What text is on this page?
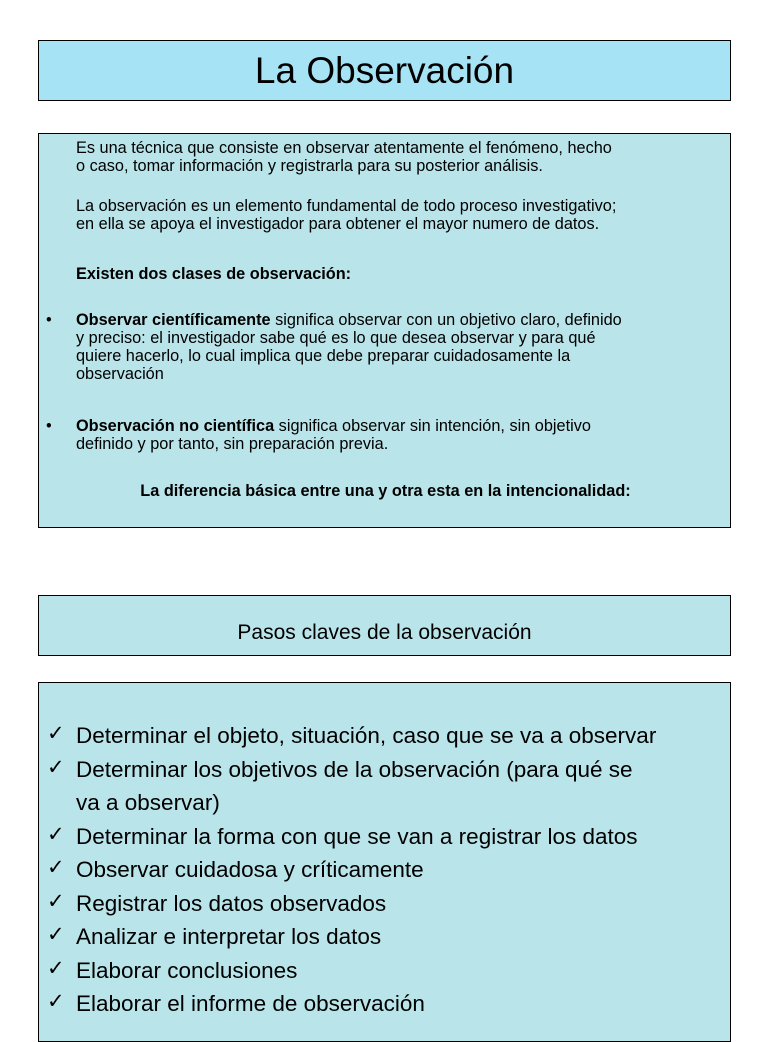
La Observación
Es una técnica que consiste en observar atentamente el fenómeno, hecho
o caso, tomar información y registrarla para su posterior análisis.
La observación es un elemento fundamental de todo proceso investigativo;
en ella se apoya el investigador para obtener el mayor numero de datos.
Existen dos clases de observación:
• Observar científicamente significa observar con un objetivo claro, definido
y preciso: el investigador sabe qué es lo que desea observar y para qué
quiere hacerlo, lo cual implica que debe preparar cuidadosamente la
observación
• Observación no científica significa observar sin intención, sin objetivo
definido y por tanto, sin preparación previa.
La diferencia básica entre una y otra esta en la intencionalidad:
Pasos claves de la observación
✓ Determinar el objeto, situación, caso que se va a observar
✓ Determinar los objetivos de la observación (para qué se
va a observar)
✓ Determinar la forma con que se van a registrar los datos
✓ Observar cuidadosa y críticamente
✓ Registrar los datos observados
✓ Analizar e interpretar los datos
✓ Elaborar conclusiones
✓ Elaborar el informe de observación
